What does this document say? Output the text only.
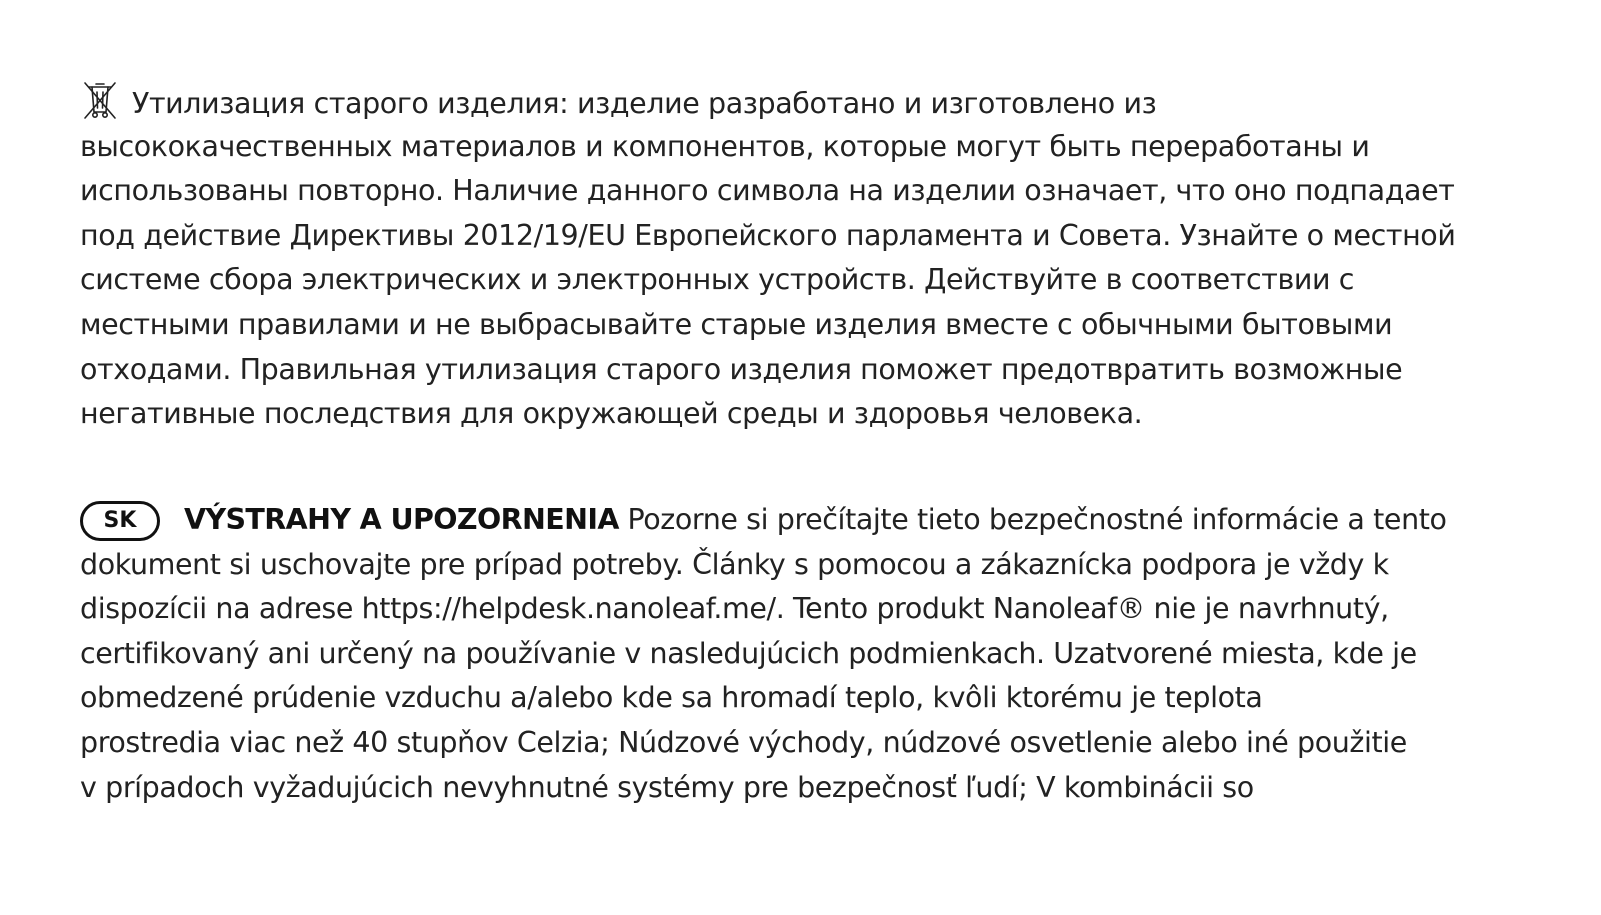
Утилизация старого изделия: изделие разработано и изготовлено из
высококачественных материалов и компонентов, которые могут быть переработаны и
использованы повторно. Наличие данного символа на изделии означает, что оно подпадает
под действие Директивы 2012/19/EU Европейского парламента и Совета. Узнайте о местной
системе сбора электрических и электронных устройств. Действуйте в соответствии с
местными правилами и не выбрасывайте старые изделия вместе с обычными бытовыми
отходами. Правильная утилизация старого изделия поможет предотвратить возможные
негативные последствия для окружающей среды и здоровья человека.
SK VÝSTRAHY A UPOZORNENIA Pozorne si prečítajte tieto bezpečnostné informácie a tento
dokument si uschovajte pre prípad potreby. Články s pomocou a zákaznícka podpora je vždy k
dispozícii na adrese https://helpdesk.nanoleaf.me/. Tento produkt Nanoleaf® nie je navrhnutý,
certifikovaný ani určený na používanie v nasledujúcich podmienkach. Uzatvorené miesta, kde je
obmedzené prúdenie vzduchu a/alebo kde sa hromadí teplo, kvôli ktorému je teplota
prostredia viac než 40 stupňov Celzia; Núdzové východy, núdzové osvetlenie alebo iné použitie
v prípadoch vyžadujúcich nevyhnutné systémy pre bezpečnosť ľudí; V kombinácii so
